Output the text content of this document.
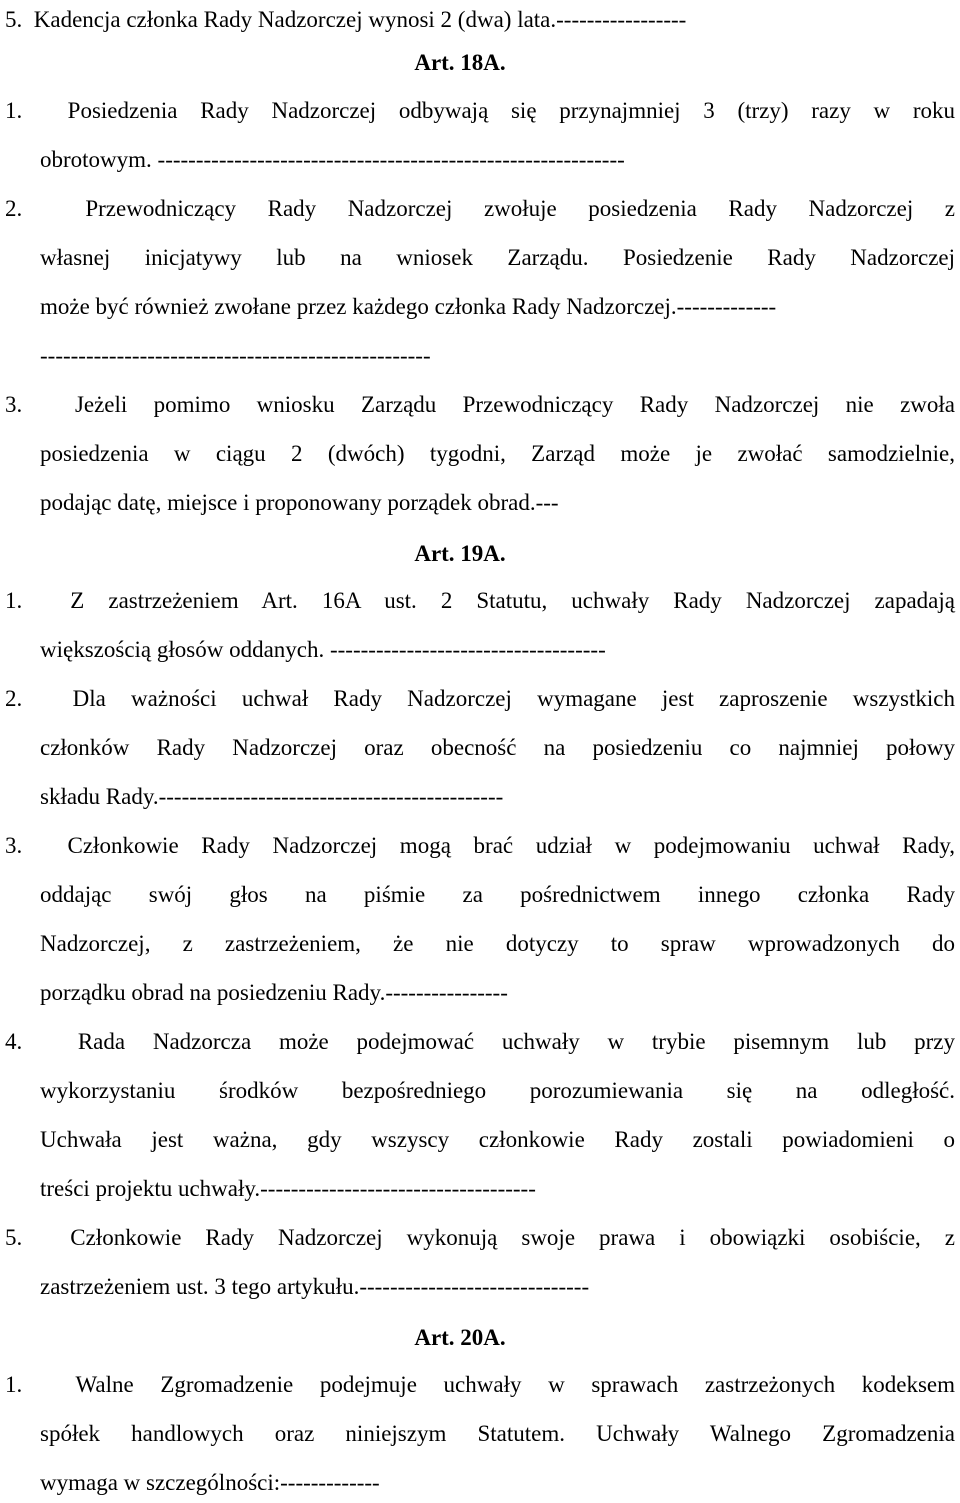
5.  Kadencja członka Rady Nadzorczej wynosi 2 (dwa) lata.-----------------
Art. 18A.
1.  Posiedzenia Rady Nadzorczej odbywają się przynajmniej 3 (trzy) razy w roku
obrotowym. -------------------------------------------------------------
2.  Przewodniczący Rady Nadzorczej zwołuje posiedzenia Rady Nadzorczej z
własnej inicjatywy lub na wniosek Zarządu. Posiedzenie Rady Nadzorczej
może być również zwołane przez każdego członka Rady Nadzorczej.-------------
---------------------------------------------------
3.  Jeżeli pomimo wniosku Zarządu Przewodniczący Rady Nadzorczej nie zwoła
posiedzenia w ciągu 2 (dwóch) tygodni, Zarząd może je zwołać samodzielnie,
podając datę, miejsce i proponowany porządek obrad.---
Art. 19A.
1.  Z zastrzeżeniem Art. 16A ust. 2 Statutu, uchwały Rady Nadzorczej zapadają
większością głosów oddanych. ------------------------------------
2.  Dla ważności uchwał Rady Nadzorczej wymagane jest zaproszenie wszystkich
członków Rady Nadzorczej oraz obecność na posiedzeniu co najmniej połowy
składu Rady.---------------------------------------------
3.  Członkowie Rady Nadzorczej mogą brać udział w podejmowaniu uchwał Rady,
oddając swój głos na piśmie za pośrednictwem innego członka Rady
Nadzorczej, z zastrzeżeniem, że nie dotyczy to spraw wprowadzonych do
porządku obrad na posiedzeniu Rady.----------------
4.  Rada Nadzorcza może podejmować uchwały w trybie pisemnym lub przy
wykorzystaniu środków bezpośredniego porozumiewania się na odległość.
Uchwała jest ważna, gdy wszyscy członkowie Rady zostali powiadomieni o
treści projektu uchwały.------------------------------------
5.  Członkowie Rady Nadzorczej wykonują swoje prawa i obowiązki osobiście, z
zastrzeżeniem ust. 3 tego artykułu.------------------------------
Art. 20A.
1.  Walne Zgromadzenie podejmuje uchwały w sprawach zastrzeżonych kodeksem
spółek handlowych oraz niniejszym Statutem. Uchwały Walnego Zgromadzenia
wymaga w szczególności:-------------
